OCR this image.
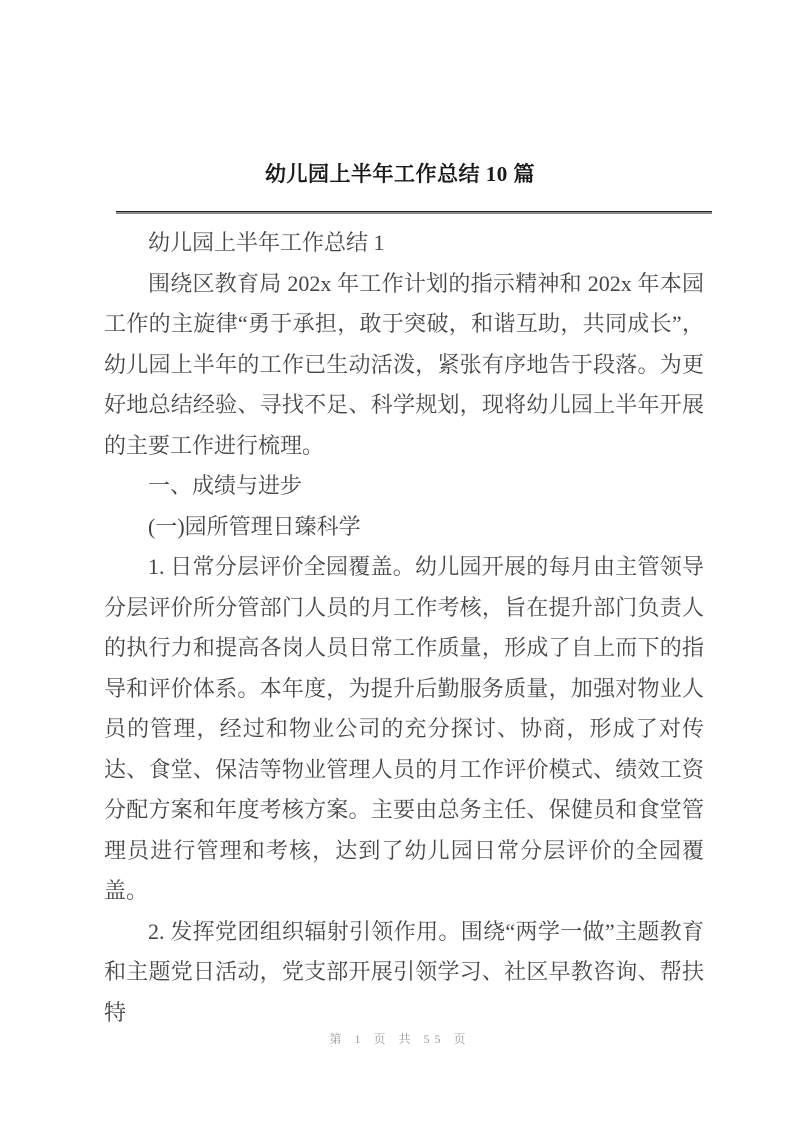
幼儿园上半年工作总结 10 篇

幼儿园上半年工作总结 1

围绕区教育局 202x 年工作计划的指示精神和 202x 年本园工作的主旋律“勇于承担，敢于突破，和谐互助，共同成长”，幼儿园上半年的工作已生动活泼，紧张有序地告于段落。为更好地总结经验、寻找不足、科学规划，现将幼儿园上半年开展的主要工作进行梳理。

一、成绩与进步

(一)园所管理日臻科学

1. 日常分层评价全园覆盖。幼儿园开展的每月由主管领导分层评价所分管部门人员的月工作考核，旨在提升部门负责人的执行力和提高各岗人员日常工作质量，形成了自上而下的指导和评价体系。本年度，为提升后勤服务质量，加强对物业人员的管理，经过和物业公司的充分探讨、协商，形成了对传达、食堂、保洁等物业管理人员的月工作评价模式、绩效工资分配方案和年度考核方案。主要由总务主任、保健员和食堂管理员进行管理和考核，达到了幼儿园日常分层评价的全园覆盖。

2. 发挥党团组织辐射引领作用。围绕“两学一做”主题教育和主题党日活动，党支部开展引领学习、社区早教咨询、帮扶特

第 1 页 共 55 页
